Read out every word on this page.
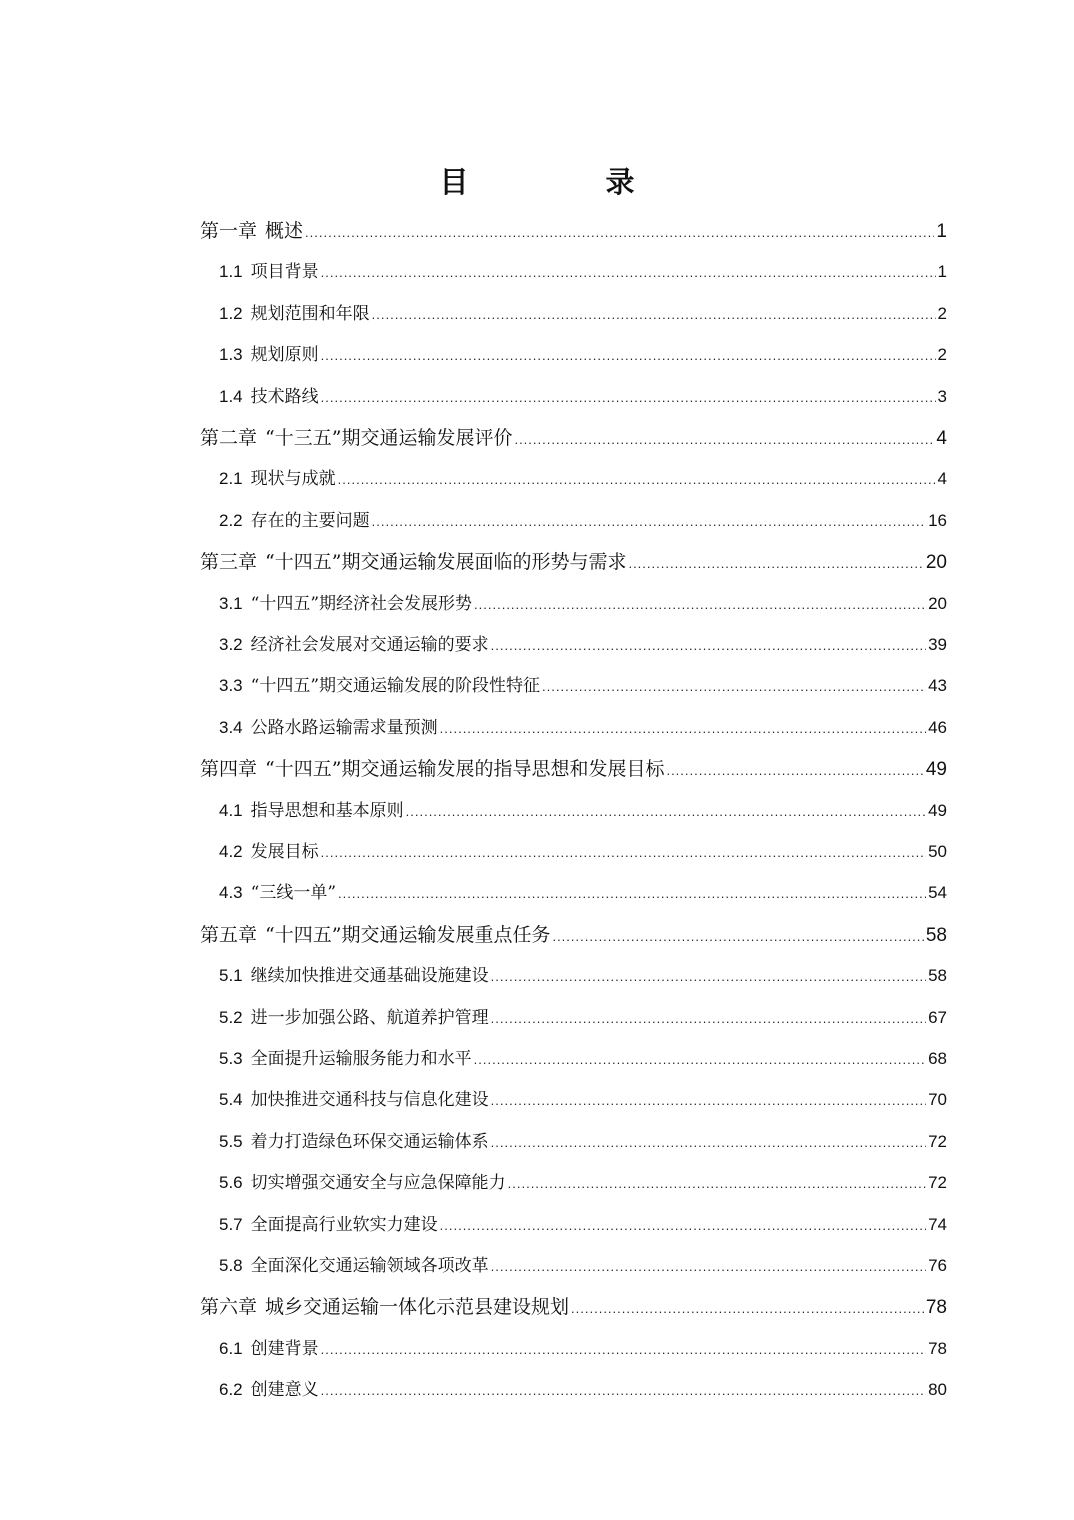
目　录
第一章 概述 .....	1
1.1 项目背景 .....	1
1.2 规划范围和年限 .....	2
1.3 规划原则 .....	2
1.4 技术路线 .....	3
第二章 “十三五”期交通运输发展评价 .....	4
2.1 现状与成就 .....	4
2.2 存在的主要问题 .....	16
第三章 “十四五”期交通运输发展面临的形势与需求 .....	20
3.1 “十四五”期经济社会发展形势 .....	20
3.2 经济社会发展对交通运输的要求 .....	39
3.3 “十四五”期交通运输发展的阶段性特征 .....	43
3.4 公路水路运输需求量预测 .....	46
第四章 “十四五”期交通运输发展的指导思想和发展目标 .....	49
4.1 指导思想和基本原则 .....	49
4.2 发展目标 .....	50
4.3 “三线一单” .....	54
第五章 “十四五”期交通运输发展重点任务 .....	58
5.1 继续加快推进交通基础设施建设 .....	58
5.2 进一步加强公路、航道养护管理 .....	67
5.3 全面提升运输服务能力和水平 .....	68
5.4 加快推进交通科技与信息化建设 .....	70
5.5 着力打造绿色环保交通运输体系 .....	72
5.6 切实增强交通安全与应急保障能力 .....	72
5.7 全面提高行业软实力建设 .....	74
5.8 全面深化交通运输领域各项改革 .....	76
第六章 城乡交通运输一体化示范县建设规划 .....	78
6.1 创建背景 .....	78
6.2 创建意义 .....	80
